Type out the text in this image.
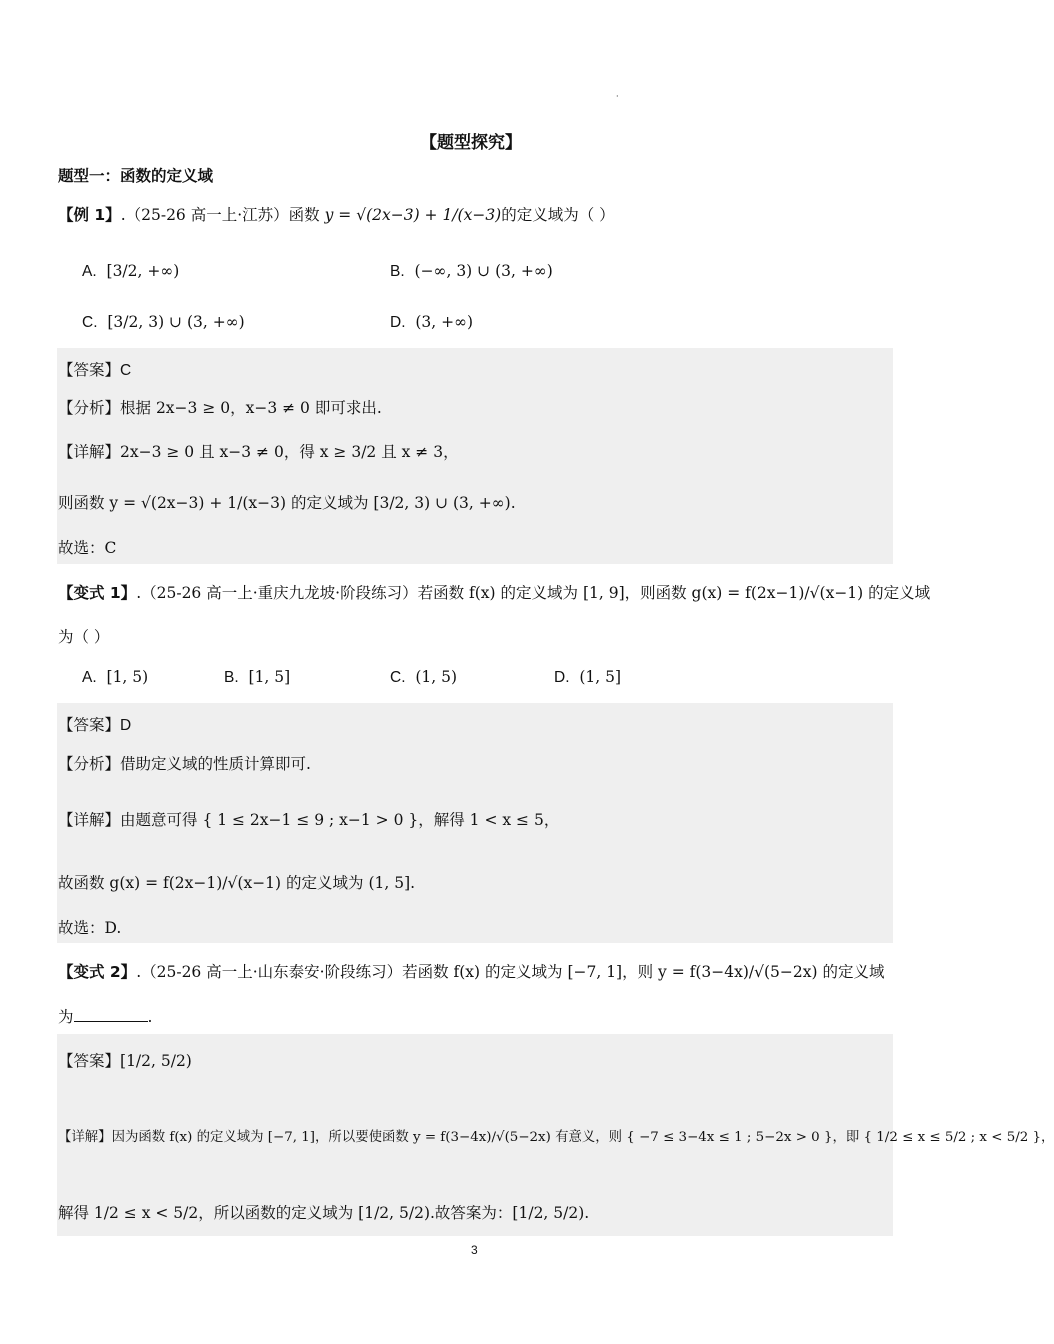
·
【题型探究】
题型一：函数的定义域
【例 1】.（25-26 高一上·江苏）函数 y = √(2x−3) + 1/(x−3)的定义域为（ ）
A. [3/2, +∞)	B. (−∞, 3) ∪ (3, +∞)
C. [3/2, 3) ∪ (3, +∞)	D. (3, +∞)
【答案】C
【分析】根据 2x−3 ≥ 0，x−3 ≠ 0 即可求出.
【详解】2x−3 ≥ 0 且 x−3 ≠ 0，得 x ≥ 3/2 且 x ≠ 3，
则函数 y = √(2x−3) + 1/(x−3) 的定义域为 [3/2, 3) ∪ (3, +∞).
故选：C
【变式 1】.（25-26 高一上·重庆九龙坡·阶段练习）若函数 f(x) 的定义域为 [1, 9]，则函数 g(x) = f(2x−1)/√(x−1) 的定义域
为（ ）
A. [1, 5)	B. [1, 5]	C. (1, 5)	D. (1, 5]
【答案】D
【分析】借助定义域的性质计算即可.
【详解】由题意可得 { 1 ≤ 2x−1 ≤ 9 ; x−1 > 0 }，解得 1 < x ≤ 5，
故函数 g(x) = f(2x−1)/√(x−1) 的定义域为 (1, 5].
故选：D.
【变式 2】.（25-26 高一上·山东泰安·阶段练习）若函数 f(x) 的定义域为 [−7, 1]，则 y = f(3−4x)/√(5−2x) 的定义域
为	.
【答案】[1/2, 5/2)
【详解】因为函数 f(x) 的定义域为 [−7, 1]，所以要使函数 y = f(3−4x)/√(5−2x) 有意义，则 { −7 ≤ 3−4x ≤ 1 ; 5−2x > 0 }，即 { 1/2 ≤ x ≤ 5/2 ; x < 5/2 }，
解得 1/2 ≤ x < 5/2，所以函数的定义域为 [1/2, 5/2).故答案为：[1/2, 5/2).
3
